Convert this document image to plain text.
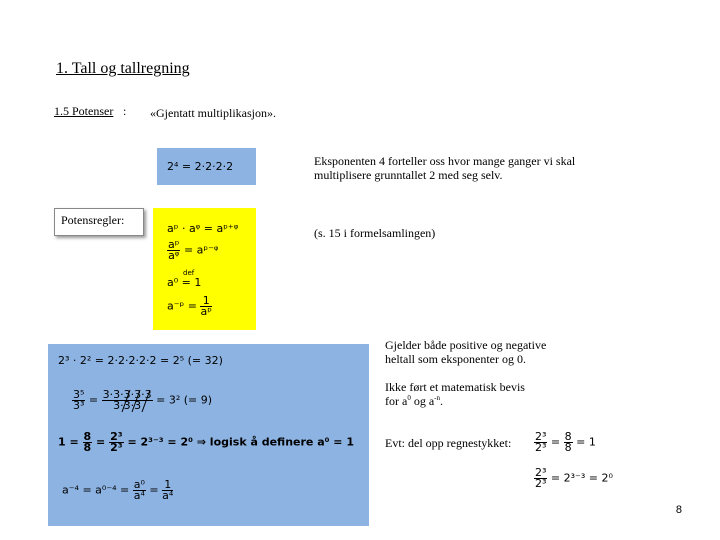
1. Tall og tallregning
1.5 Potenser : «Gjentatt multiplikasjon».
2⁴ = 2·2·2·2	Eksponenten 4 forteller oss hvor mange ganger vi skal multiplisere grunntallet 2 med seg selv.
Potensregler:
aᵖ · aᵠ = aᵖ⁺ᵠ
$\frac{\text{aᵖ}}{\text{aᵠ}}$ = aᵖ⁻ᵠ
def
a⁰ = 1
a⁻ᵖ = $\frac{1}{\text{aᵖ}}$
(s. 15 i formelsamlingen)
2³ · 2² = 2·2·2·2·2 = 2⁵ (= 32)
$\frac{\text{3⁵}}{\text{3³}} = \frac{3\cdot 3\cdot 3\cdot 3\cdot 3}{3\cdot 3\cdot 3} = 3^2$ (= 9)
$1 = \frac{8}{8} = \frac{\text{2³}}{\text{2³}} = 2^{3-3} = 2^0$ ⇒ logisk å definere a⁰ = 1
$a^{-4} = a^{0-4} = \frac{\text{a⁰}}{\text{a⁴}} = \frac{1}{\text{a⁴}}$
Gjelder både positive og negative heltall som eksponenter og 0.
Ikke ført et matematisk bevis for $a^0$ og $a^{-n}$.
Evt: del opp regnestykket: $\frac{\text{2³}}{\text{2³}} = \frac{8}{8} = 1$
$\frac{\text{2³}}{\text{2³}} = 2^{3-3} = 2^0$
8
